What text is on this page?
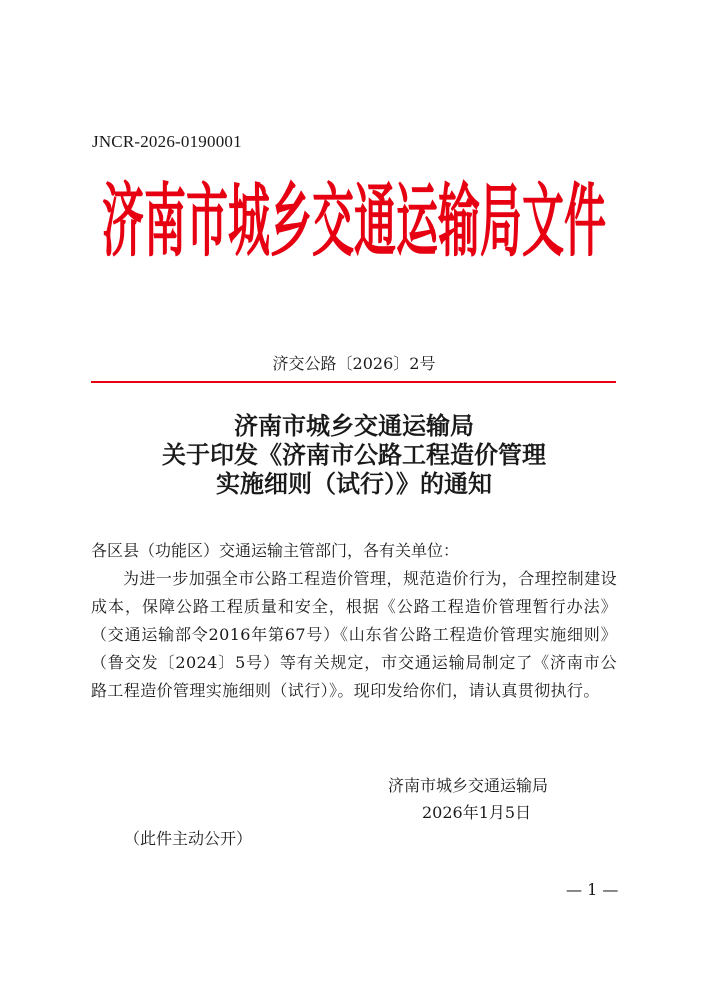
JNCR-2026-0190001
济南市城乡交通运输局文件
济交公路〔2026〕2号
济南市城乡交通运输局
关于印发《济南市公路工程造价管理
实施细则（试行）》的通知
各区县（功能区）交通运输主管部门，各有关单位：

为进一步加强全市公路工程造价管理，规范造价行为，合理控制建设成本，保障公路工程质量和安全，根据《公路工程造价管理暂行办法》（交通运输部令2016年第67号）《山东省公路工程造价管理实施细则》（鲁交发〔2024〕5号）等有关规定，市交通运输局制定了《济南市公路工程造价管理实施细则（试行）》。现印发给你们，请认真贯彻执行。

济南市城乡交通运输局
2026年1月5日
（此件主动公开）
— 1 —
